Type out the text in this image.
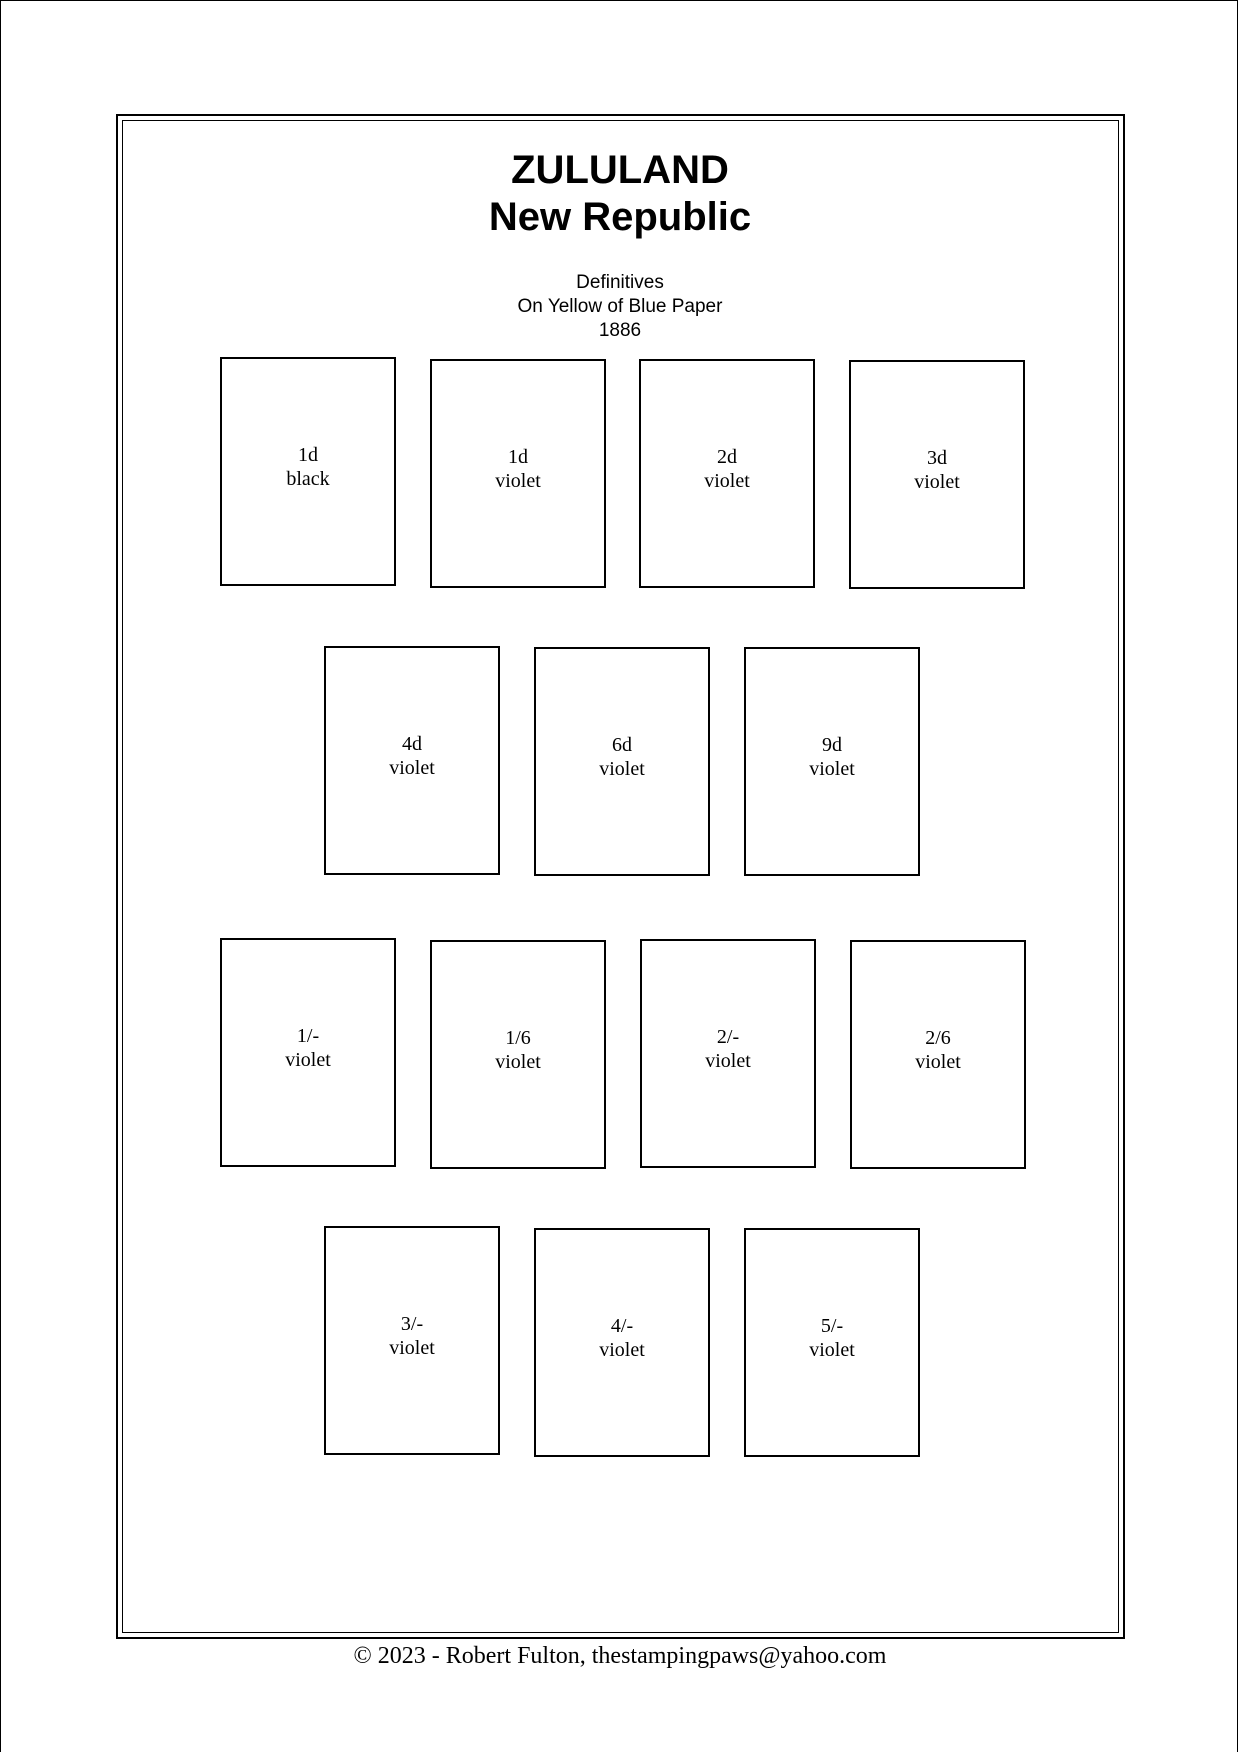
ZULULAND
New Republic
Definitives
On Yellow of Blue Paper
1886
1d
black
1d
violet
2d
violet
3d
violet
4d
violet
6d
violet
9d
violet
1/-
violet
1/6
violet
2/-
violet
2/6
violet
3/-
violet
4/-
violet
5/-
violet
© 2023 - Robert Fulton, thestampingpaws@yahoo.com
